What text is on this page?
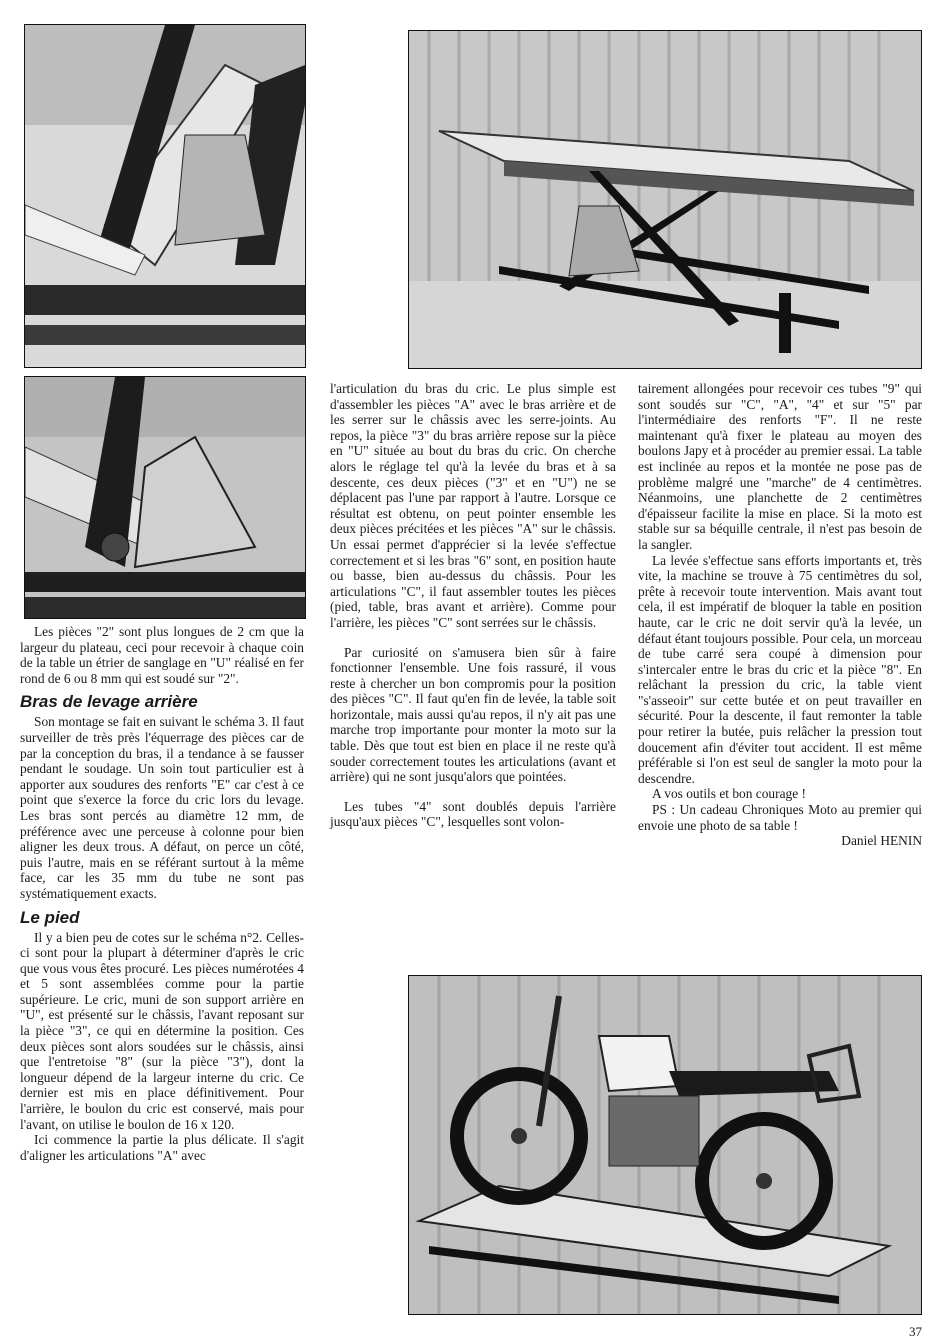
Les pièces "2" sont plus longues de 2 cm que la largeur du plateau, ceci pour recevoir à chaque coin de la table un étrier de sanglage en "U" réalisé en fer rond de 6 ou 8 mm qui est soudé sur "2".

Bras de levage arrière

Son montage se fait en suivant le schéma 3. Il faut surveiller de très près l'équerrage des pièces car de par la conception du bras, il a tendance à se fausser pendant le soudage. Un soin tout particulier est à apporter aux soudures des renforts "E" car c'est à ce point que s'exerce la force du cric lors du levage. Les bras sont percés au diamètre 12 mm, de préférence avec une perceuse à colonne pour bien aligner les deux trous. A défaut, on perce un côté, puis l'autre, mais en se référant surtout à la même face, car les 35 mm du tube ne sont pas systématiquement exacts.

Le pied

Il y a bien peu de cotes sur le schéma n°2. Celles-ci sont pour la plupart à déterminer d'après le cric que vous vous êtes procuré. Les pièces numérotées 4 et 5 sont assemblées comme pour la partie supérieure. Le cric, muni de son support arrière en "U", est présenté sur le châssis, l'avant reposant sur la pièce "3", ce qui en détermine la position. Ces deux pièces sont alors soudées sur le châssis, ainsi que l'entretoise "8" (sur la pièce "3"), dont la longueur dépend de la largeur interne du cric. Ce dernier est mis en place définitivement. Pour l'arrière, le boulon du cric est conservé, mais pour l'avant, on utilise le boulon de 16 x 120.

Ici commence la partie la plus délicate. Il s'agit d'aligner les articulations "A" avec

l'articulation du bras du cric. Le plus simple est d'assembler les pièces "A" avec le bras arrière et de les serrer sur le châssis avec les serre-joints. Au repos, la pièce "3" du bras arrière repose sur la pièce en "U" située au bout du bras du cric. On cherche alors le réglage tel qu'à la levée du bras et à sa descente, ces deux pièces ("3" et en "U") ne se déplacent pas l'une par rapport à l'autre. Lorsque ce résultat est obtenu, on peut pointer ensemble les deux pièces précitées et les pièces "A" sur le châssis. Un essai permet d'apprécier si la levée s'effectue correctement et si les bras "6" sont, en position haute ou basse, bien au-dessus du châssis. Pour les articulations "C", il faut assembler toutes les pièces (pied, table, bras avant et arrière). Comme pour l'arrière, les pièces "C" sont serrées sur le châssis.

Par curiosité on s'amusera bien sûr à faire fonctionner l'ensemble. Une fois rassuré, il vous reste à chercher un bon compromis pour la position des pièces "C". Il faut qu'en fin de levée, la table soit horizontale, mais aussi qu'au repos, il n'y ait pas une marche trop importante pour monter la moto sur la table. Dès que tout est bien en place il ne reste qu'à souder correctement toutes les articulations (avant et arrière) qui ne sont jusqu'alors que pointées.

Les tubes "4" sont doublés depuis l'arrière jusqu'aux pièces "C", lesquelles sont volon-

tairement allongées pour recevoir ces tubes "9" qui sont soudés sur "C", "A", "4" et sur "5" par l'intermédiaire des renforts "F". Il ne reste maintenant qu'à fixer le plateau au moyen des boulons Japy et à procéder au premier essai. La table est inclinée au repos et la montée ne pose pas de problème malgré une "marche" de 4 centimètres. Néanmoins, une planchette de 2 centimètres d'épaisseur facilite la mise en place. Si la moto est stable sur sa béquille centrale, il n'est pas besoin de la sangler.

La levée s'effectue sans efforts importants et, très vite, la machine se trouve à 75 centimètres du sol, prête à recevoir toute intervention. Mais avant tout cela, il est impératif de bloquer la table en position haute, car le cric ne doit servir qu'à la levée, un défaut étant toujours possible. Pour cela, un morceau de tube carré sera coupé à dimension pour s'intercaler entre le bras du cric et la pièce "8". En relâchant la pression du cric, la table vient "s'asseoir" sur cette butée et on peut travailler en sécurité. Pour la descente, il faut remonter la table pour retirer la butée, puis relâcher la pression tout doucement afin d'éviter tout accident. Il est même préférable si l'on est seul de sangler la moto pour la descendre.

A vos outils et bon courage !

PS : Un cadeau Chroniques Moto au premier qui envoie une photo de sa table !

Daniel HENIN

37
